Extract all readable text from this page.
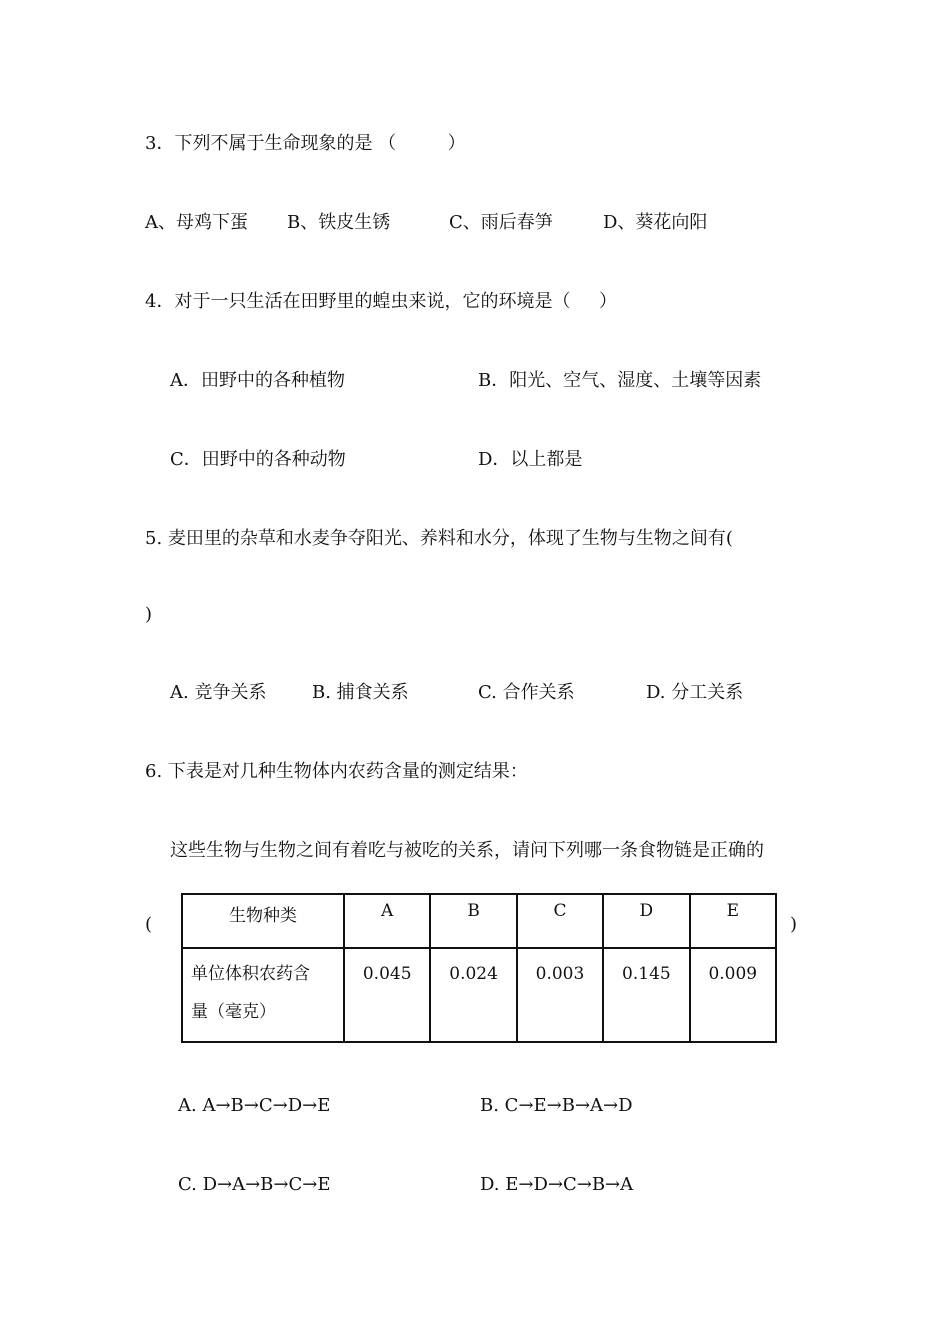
3．下列不属于生命现象的是 （         ）
A、母鸡下蛋 B、铁皮生锈	C、雨后春笋	D、葵花向阳
4．对于一只生活在田野里的蝗虫来说，它的环境是（     ）
A．田野中的各种植物	B．阳光、空气、湿度、土壤等因素
C．田野中的各种动物	D．以上都是
5. 麦田里的杂草和水麦争夺阳光、养料和水分，体现了生物与生物之间有(
)
A. 竞争关系	B. 捕食关系	C. 合作关系	D. 分工关系
6. 下表是对几种生物体内农药含量的测定结果：
这些生物与生物之间有着吃与被吃的关系，请问下列哪一条食物链是正确的
(	)
生物种类	A	B	C	D	E

单位体积农药含
量（毫克）	0.045	0.024	0.003	0.145	0.009
A. A→B→C→D→E	B. C→E→B→A→D
C. D→A→B→C→E	D. E→D→C→B→A
